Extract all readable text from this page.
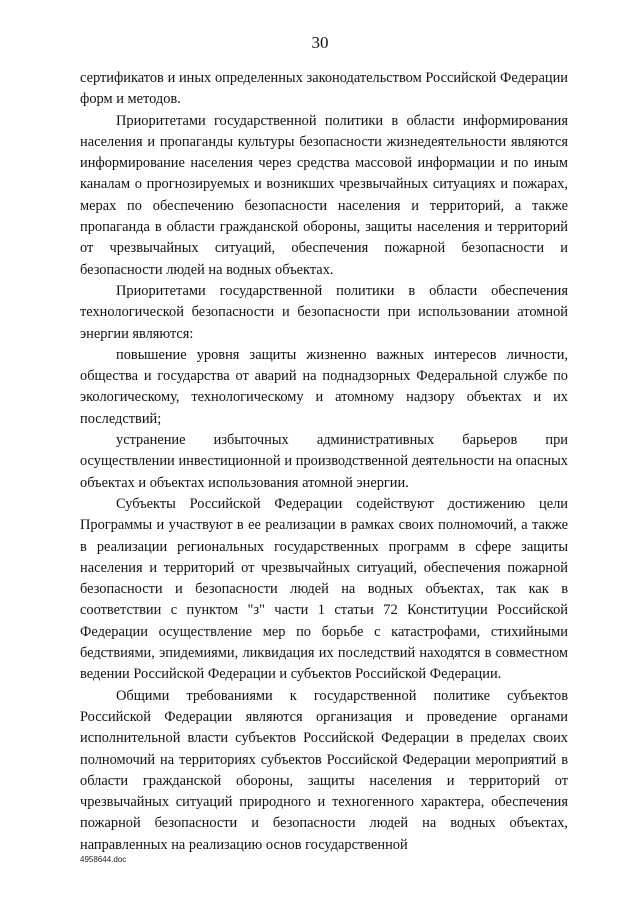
30

сертификатов и иных определенных законодательством Российской Федерации форм и методов.

Приоритетами государственной политики в области информирования населения и пропаганды культуры безопасности жизнедеятельности являются информирование населения через средства массовой информации и по иным каналам о прогнозируемых и возникших чрезвычайных ситуациях и пожарах, мерах по обеспечению безопасности населения и территорий, а также пропаганда в области гражданской обороны, защиты населения и территорий от чрезвычайных ситуаций, обеспечения пожарной безопасности и безопасности людей на водных объектах.

Приоритетами государственной политики в области обеспечения технологической безопасности и безопасности при использовании атомной энергии являются:

повышение уровня защиты жизненно важных интересов личности, общества и государства от аварий на поднадзорных Федеральной службе по экологическому, технологическому и атомному надзору объектах и их последствий;

устранение избыточных административных барьеров при осуществлении инвестиционной и производственной деятельности на опасных объектах и объектах использования атомной энергии.

Субъекты Российской Федерации содействуют достижению цели Программы и участвуют в ее реализации в рамках своих полномочий, а также в реализации региональных государственных программ в сфере защиты населения и территорий от чрезвычайных ситуаций, обеспечения пожарной безопасности и безопасности людей на водных объектах, так как в соответствии с пунктом "з" части 1 статьи 72 Конституции Российской Федерации осуществление мер по борьбе с катастрофами, стихийными бедствиями, эпидемиями, ликвидация их последствий находятся в совместном ведении Российской Федерации и субъектов Российской Федерации.

Общими требованиями к государственной политике субъектов Российской Федерации являются организация и проведение органами исполнительной власти субъектов Российской Федерации в пределах своих полномочий на территориях субъектов Российской Федерации мероприятий в области гражданской обороны, защиты населения и территорий от чрезвычайных ситуаций природного и техногенного характера, обеспечения пожарной безопасности и безопасности людей на водных объектах, направленных на реализацию основ государственной

4958644.doc
